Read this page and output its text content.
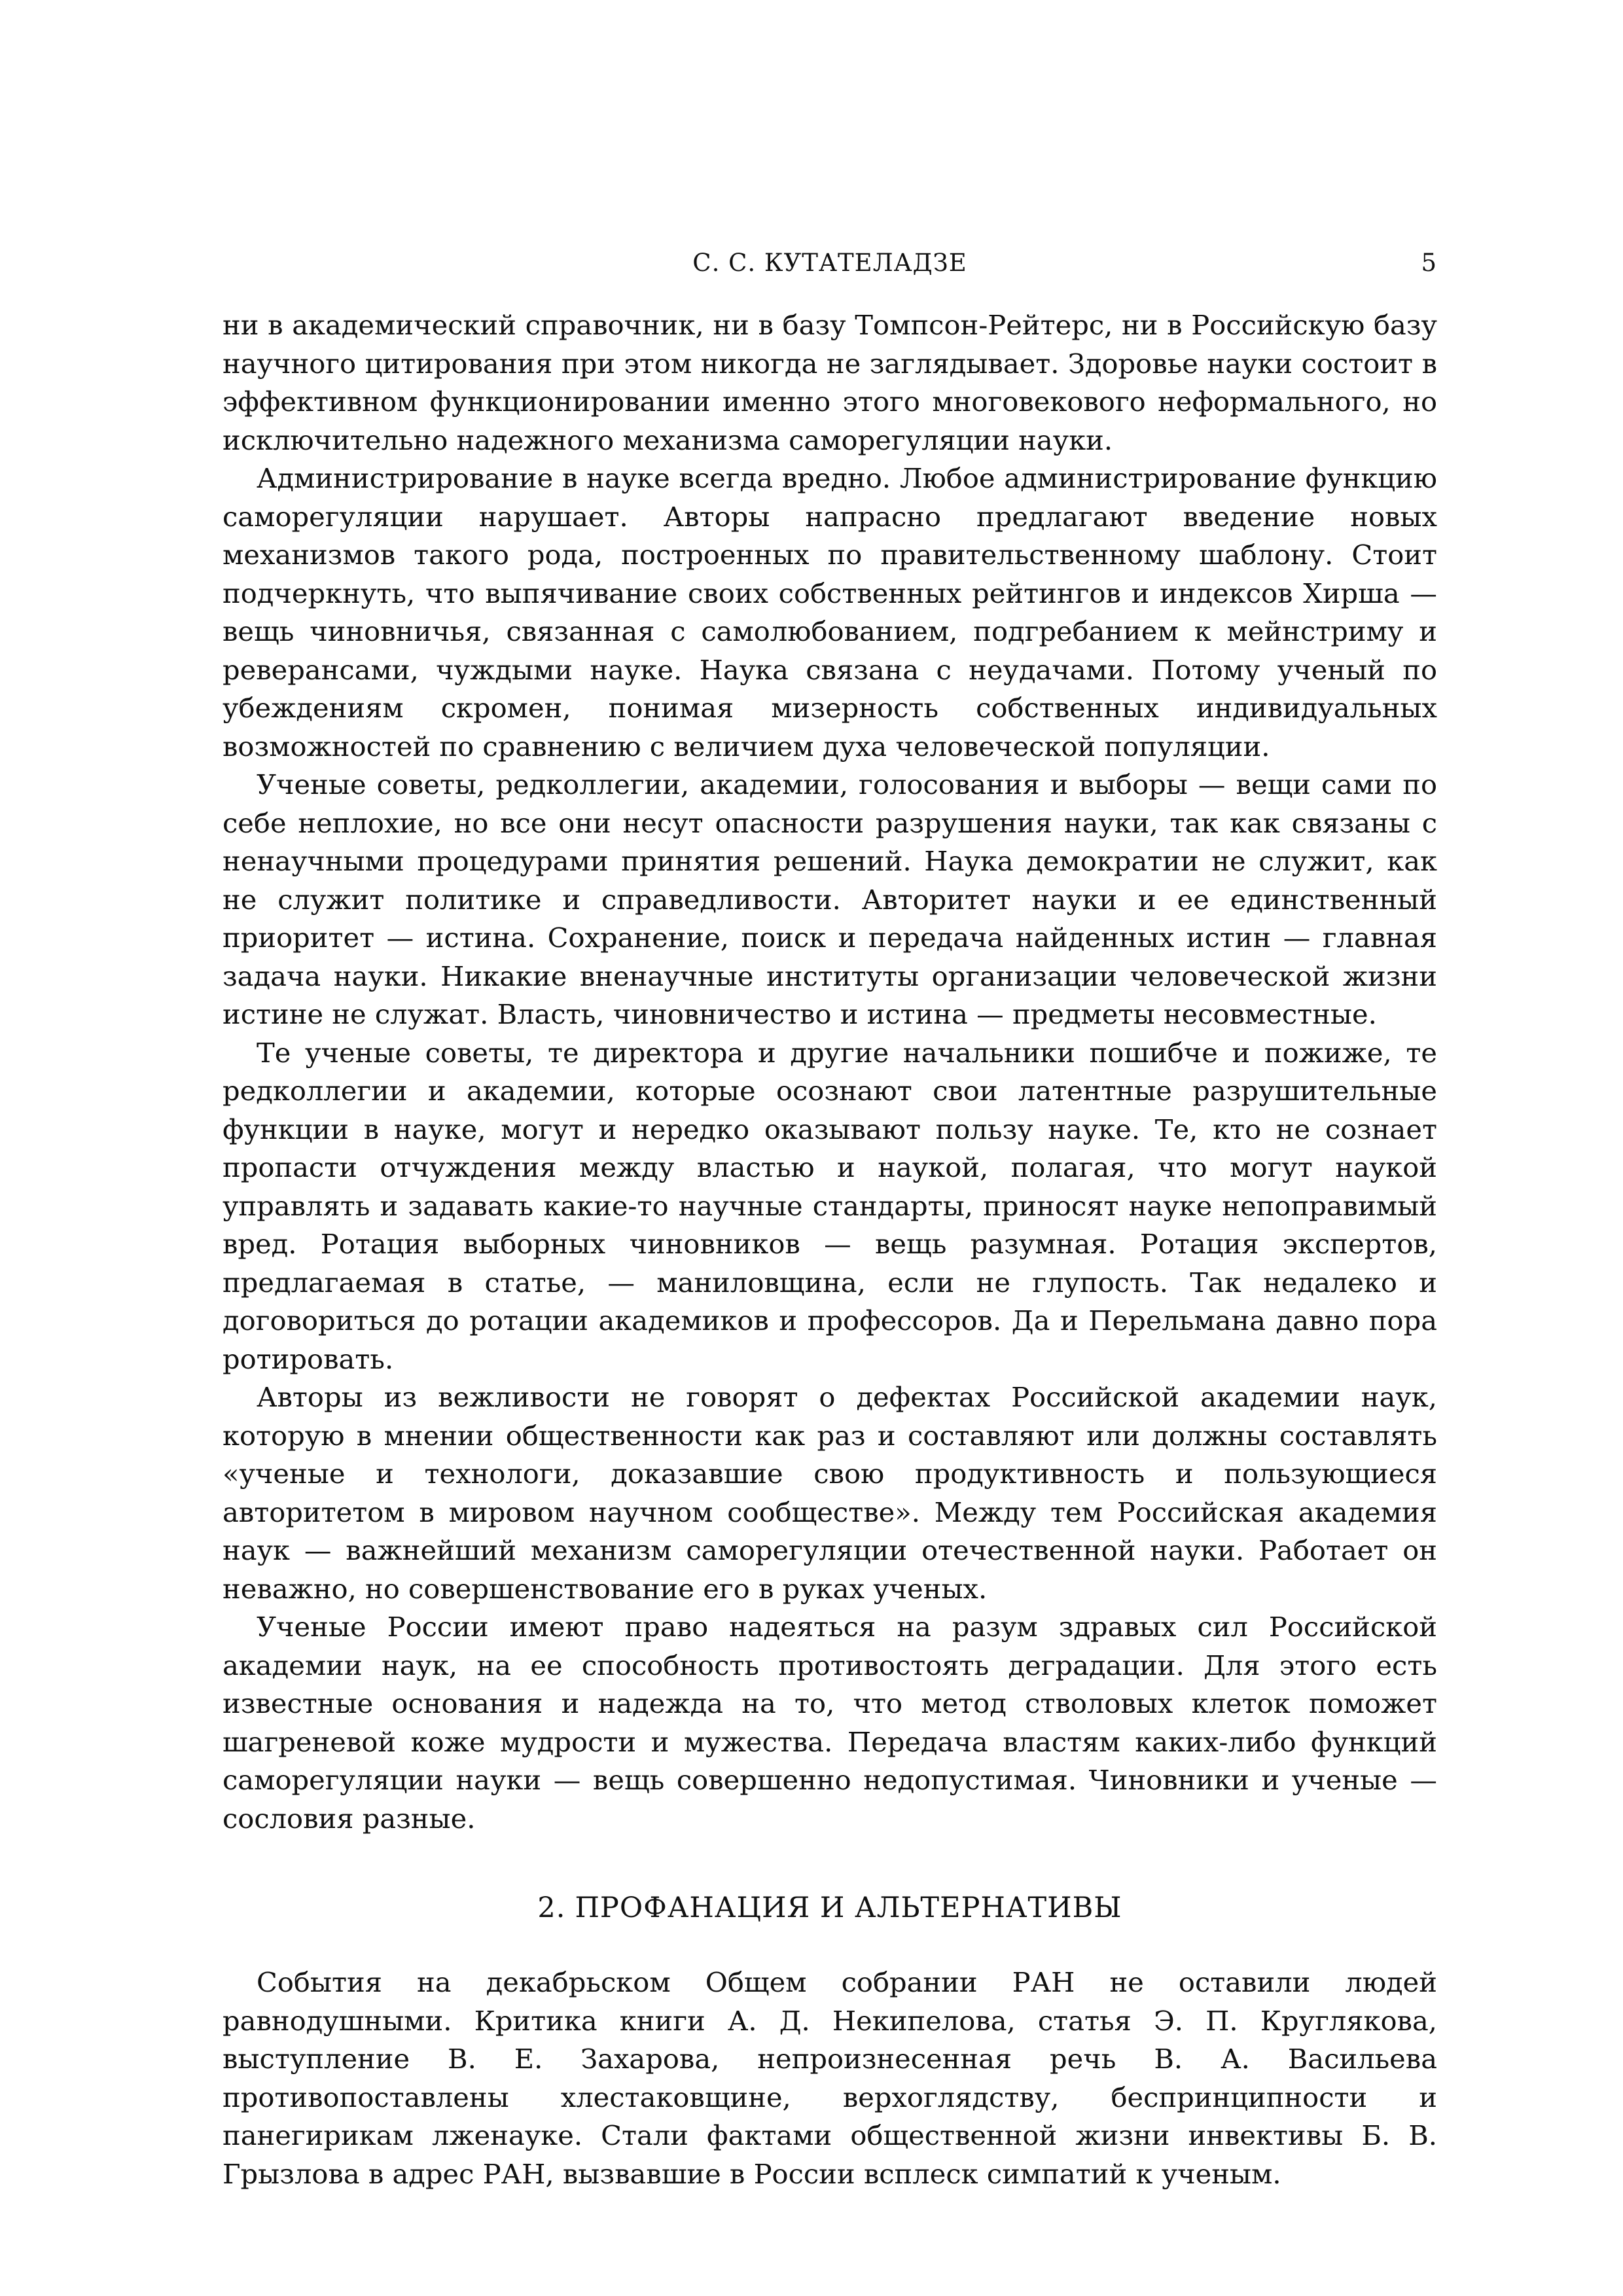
С. С. КУТАТЕЛАДЗЕ	5

ни в академический справочник, ни в базу Томпсон-Рейтерс, ни в Российскую базу научного цитирования при этом никогда не заглядывает. Здоровье науки состоит в эффективном функционировании именно этого многовекового неформального, но исключительно надежного механизма саморегуляции науки.

Администрирование в науке всегда вредно. Любое администрирование функцию саморегуляции нарушает. Авторы напрасно предлагают введение новых механизмов такого рода, построенных по правительственному шаблону. Стоит подчеркнуть, что выпячивание своих собственных рейтингов и индексов Хирша — вещь чиновничья, связанная с самолюбованием, подгребанием к мейнстриму и реверансами, чуждыми науке. Наука связана с неудачами. Потому ученый по убеждениям скромен, понимая мизерность собственных индивидуальных возможностей по сравнению с величием духа человеческой популяции.

Ученые советы, редколлегии, академии, голосования и выборы — вещи сами по себе неплохие, но все они несут опасности разрушения науки, так как связаны с ненаучными процедурами принятия решений. Наука демократии не служит, как не служит политике и справедливости. Авторитет науки и ее единственный приоритет — истина. Сохранение, поиск и передача найденных истин — главная задача науки. Никакие вненаучные институты организации человеческой жизни истине не служат. Власть, чиновничество и истина — предметы несовместные.

Те ученые советы, те директора и другие начальники пошибче и пожиже, те редколлегии и академии, которые осознают свои латентные разрушительные функции в науке, могут и нередко оказывают пользу науке. Те, кто не сознает пропасти отчуждения между властью и наукой, полагая, что могут наукой управлять и задавать какие-то научные стандарты, приносят науке непоправимый вред. Ротация выборных чиновников — вещь разумная. Ротация экспертов, предлагаемая в статье, — маниловщина, если не глупость. Так недалеко и договориться до ротации академиков и профессоров. Да и Перельмана давно пора ротировать.

Авторы из вежливости не говорят о дефектах Российской академии наук, которую в мнении общественности как раз и составляют или должны составлять «ученые и технологи, доказавшие свою продуктивность и пользующиеся авторитетом в мировом научном сообществе». Между тем Российская академия наук — важнейший механизм саморегуляции отечественной науки. Работает он неважно, но совершенствование его в руках ученых.

Ученые России имеют право надеяться на разум здравых сил Российской академии наук, на ее способность противостоять деградации. Для этого есть известные основания и надежда на то, что метод стволовых клеток поможет шагреневой коже мудрости и мужества. Передача властям каких-либо функций саморегуляции науки — вещь совершенно недопустимая. Чиновники и ученые — сословия разные.

2. ПРОФАНАЦИЯ И АЛЬТЕРНАТИВЫ

События на декабрьском Общем собрании РАН не оставили людей равнодушными. Критика книги А. Д. Некипелова, статья Э. П. Круглякова, выступление В. Е. Захарова, непроизнесенная речь В. А. Васильева противопоставлены хлестаковщине, верхоглядству, беспринципности и панегирикам лженауке. Стали фактами общественной жизни инвективы Б. В. Грызлова в адрес РАН, вызвавшие в России всплеск симпатий к ученым.
